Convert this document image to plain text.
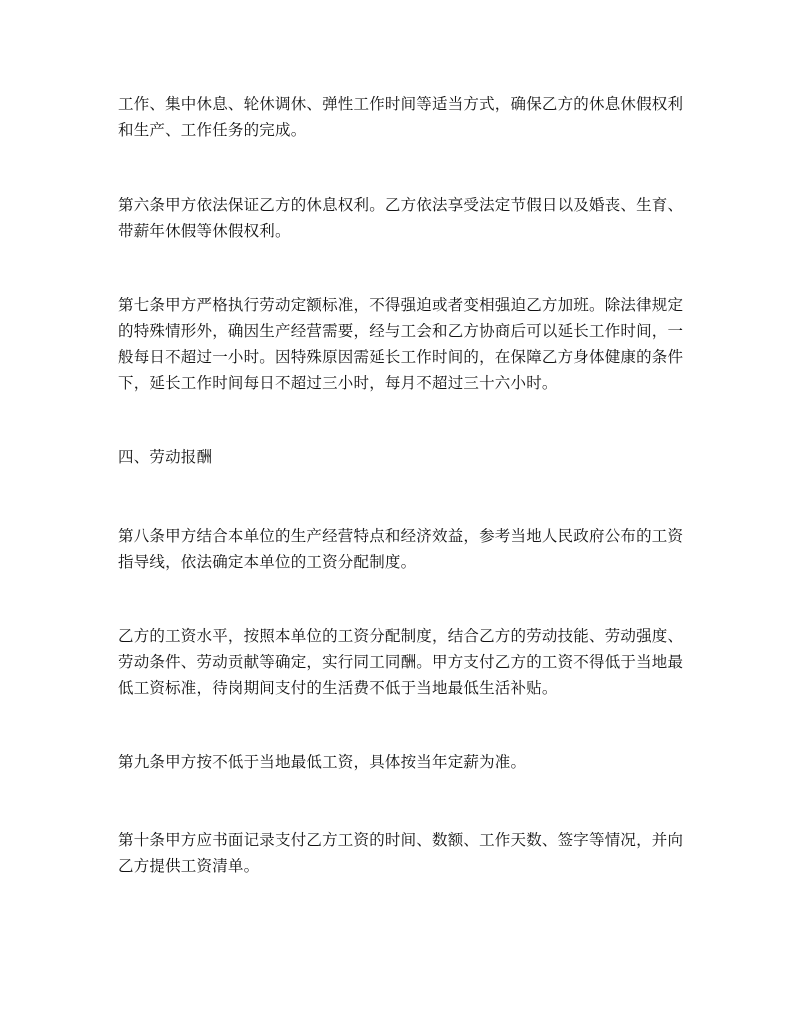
工作、集中休息、轮休调休、弹性工作时间等适当方式，确保乙方的休息休假权利
和生产、工作任务的完成。

第六条甲方依法保证乙方的休息权利。乙方依法享受法定节假日以及婚丧、生育、
带薪年休假等休假权利。

第七条甲方严格执行劳动定额标准，不得强迫或者变相强迫乙方加班。除法律规定
的特殊情形外，确因生产经营需要，经与工会和乙方协商后可以延长工作时间，一
般每日不超过一小时。因特殊原因需延长工作时间的，在保障乙方身体健康的条件
下，延长工作时间每日不超过三小时，每月不超过三十六小时。

四、劳动报酬

第八条甲方结合本单位的生产经营特点和经济效益，参考当地人民政府公布的工资
指导线，依法确定本单位的工资分配制度。

乙方的工资水平，按照本单位的工资分配制度，结合乙方的劳动技能、劳动强度、
劳动条件、劳动贡献等确定，实行同工同酬。甲方支付乙方的工资不得低于当地最
低工资标准，待岗期间支付的生活费不低于当地最低生活补贴。

第九条甲方按不低于当地最低工资，具体按当年定薪为准。

第十条甲方应书面记录支付乙方工资的时间、数额、工作天数、签字等情况，并向
乙方提供工资清单。
